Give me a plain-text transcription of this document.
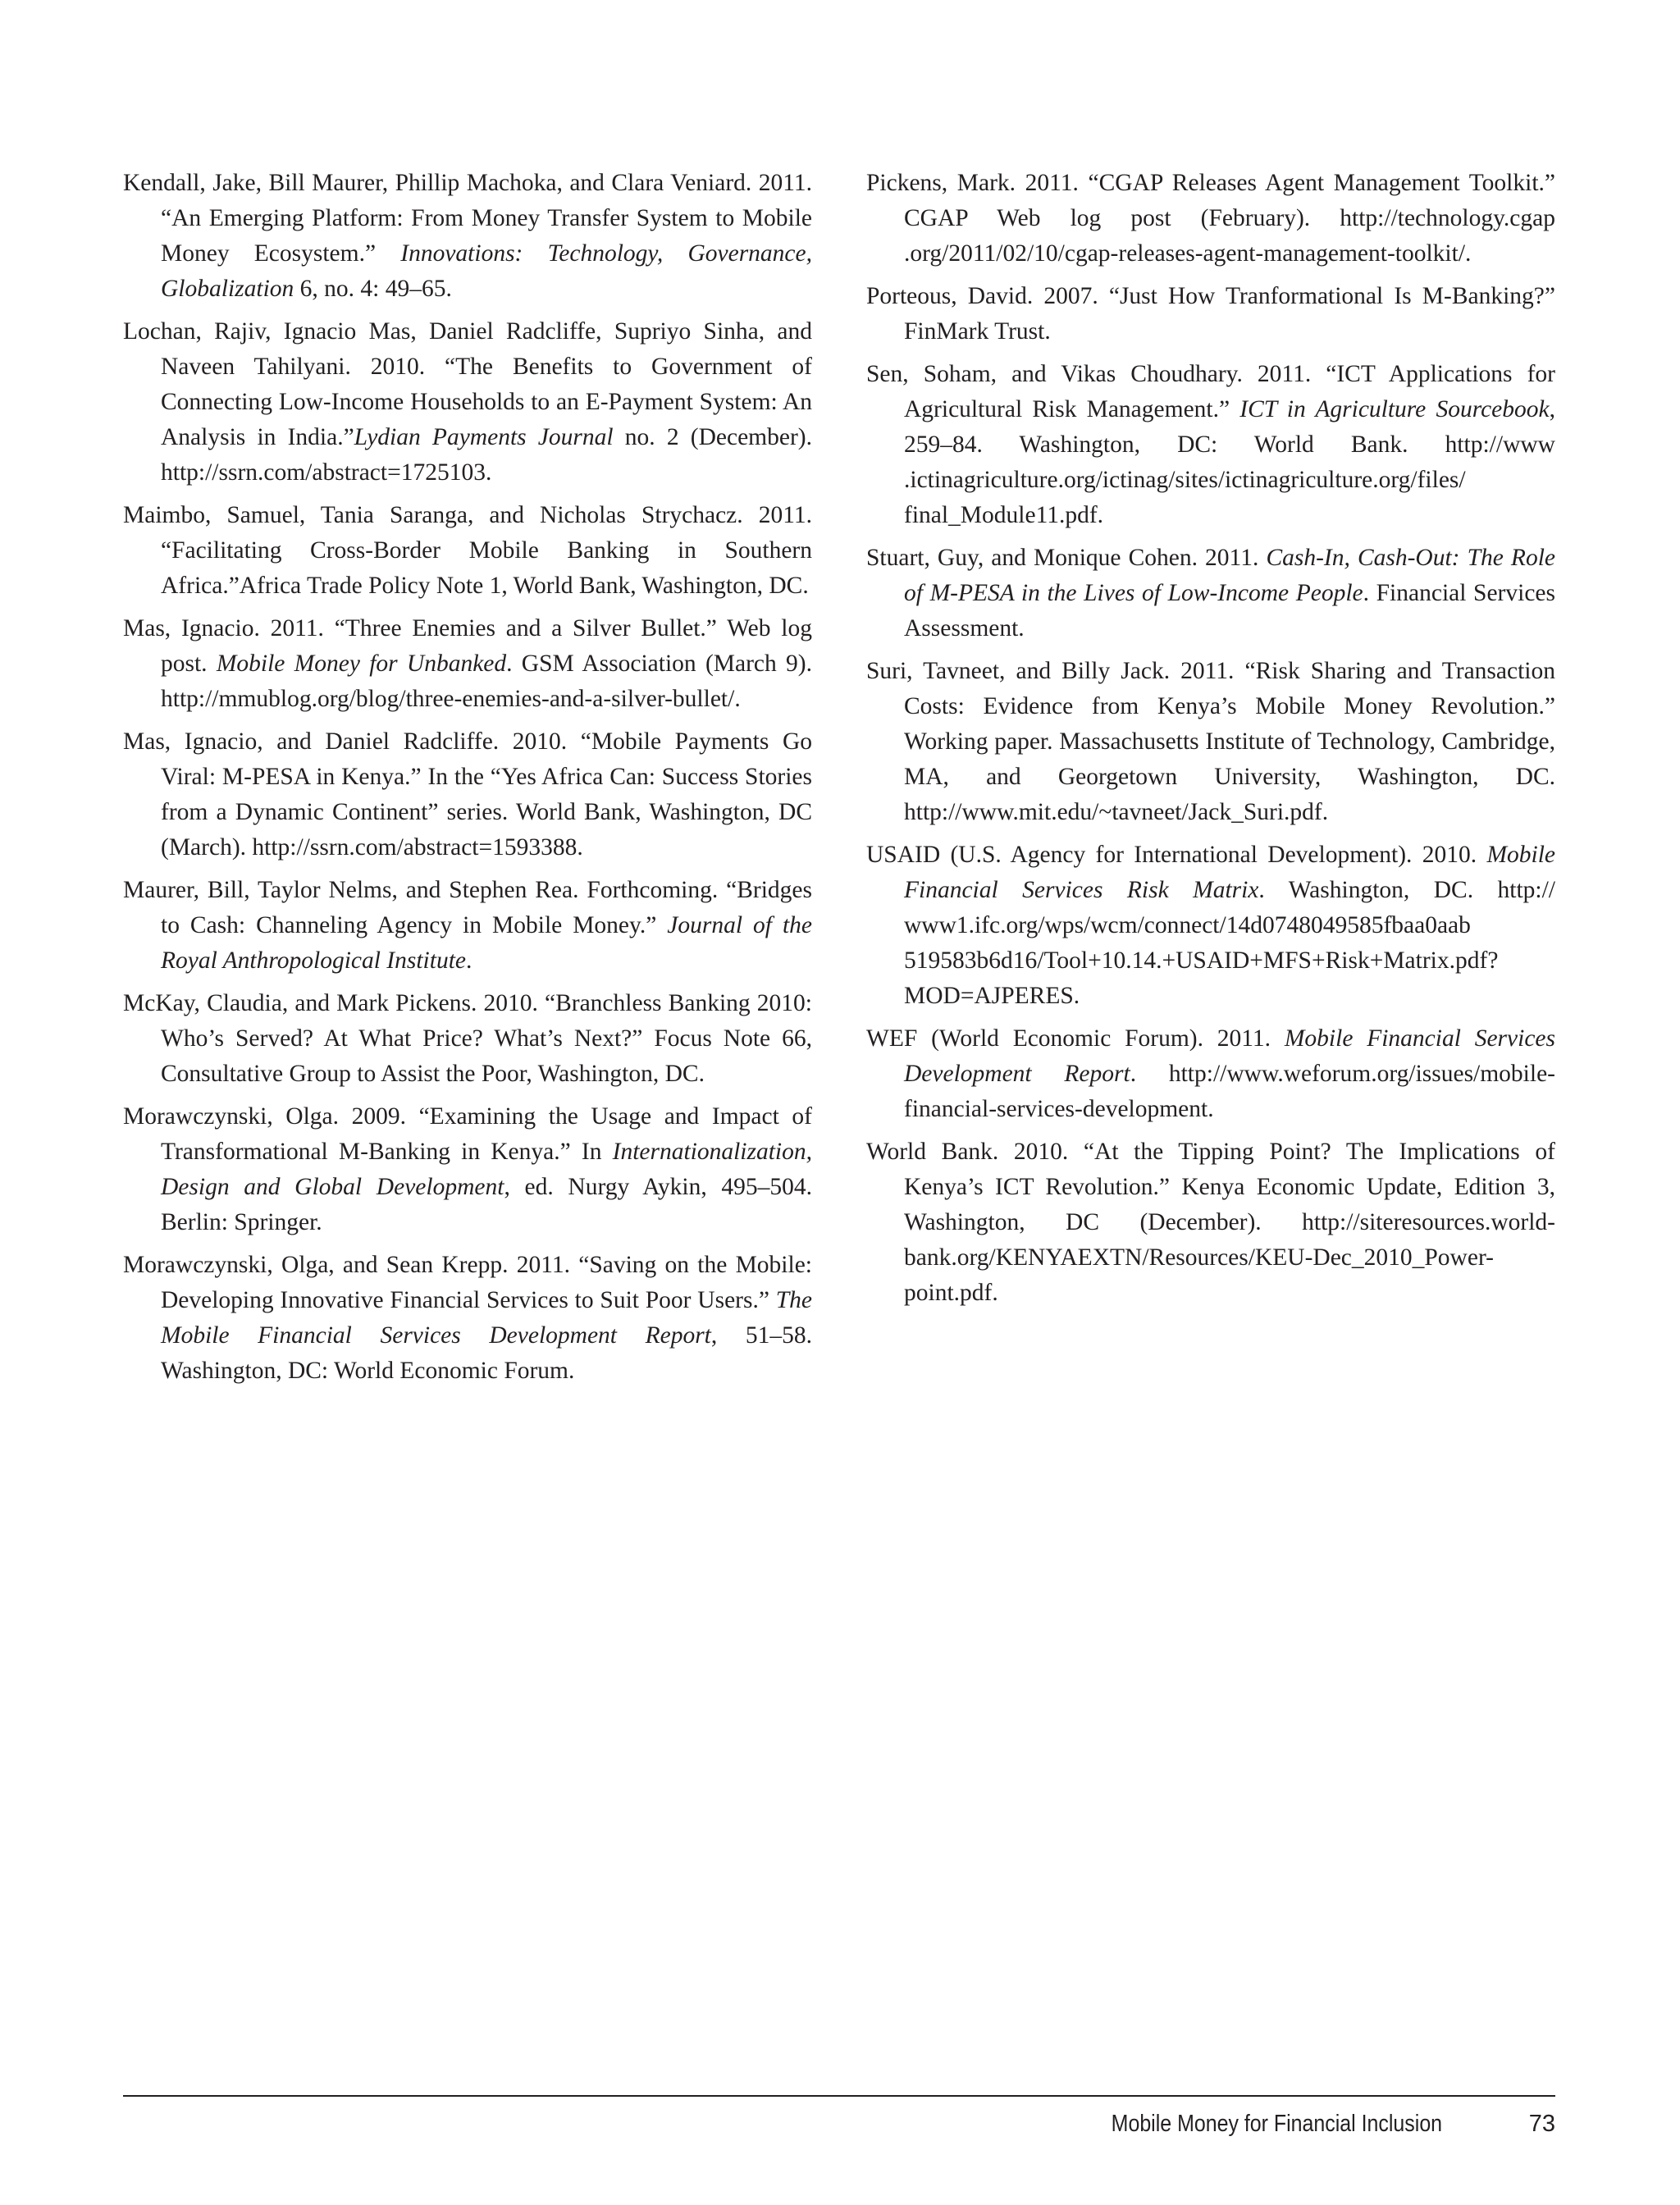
Kendall, Jake, Bill Maurer, Phillip Machoka, and Clara Veniard. 2011. “An Emerging Platform: From Money Transfer System to Mobile Money Ecosystem.” Innovations: Technology, Governance, Globalization 6, no. 4: 49–65.

Lochan, Rajiv, Ignacio Mas, Daniel Radcliffe, Supriyo Sinha, and Naveen Tahilyani. 2010. “The Benefits to Government of Connecting Low-Income Households to an E-Payment System: An Analysis in India.”Lydian Payments Journal no. 2 (December). http://ssrn.com/abstract=1725103.

Maimbo, Samuel, Tania Saranga, and Nicholas Strychacz. 2011. “Facilitating Cross-Border Mobile Banking in Southern Africa.”Africa Trade Policy Note 1, World Bank, Washington, DC.

Mas, Ignacio. 2011. “Three Enemies and a Silver Bullet.” Web log post. Mobile Money for Unbanked. GSM Association (March 9). http://mmublog.org/blog/three-enemies-and-a-silver-bullet/.

Mas, Ignacio, and Daniel Radcliffe. 2010. “Mobile Payments Go Viral: M-PESA in Kenya.” In the “Yes Africa Can: Success Stories from a Dynamic Continent” series. World Bank, Washington, DC (March). http://ssrn.com/abstract=1593388.

Maurer, Bill, Taylor Nelms, and Stephen Rea. Forthcoming. “Bridges to Cash: Channeling Agency in Mobile Money.” Journal of the Royal Anthropological Institute.

McKay, Claudia, and Mark Pickens. 2010. “Branchless Banking 2010: Who’s Served? At What Price? What’s Next?” Focus Note 66, Consultative Group to Assist the Poor, Washington, DC.

Morawczynski, Olga. 2009. “Examining the Usage and Impact of Transformational M-Banking in Kenya.” In Internationalization, Design and Global Development, ed. Nurgy Aykin, 495–504. Berlin: Springer.

Morawczynski, Olga, and Sean Krepp. 2011. “Saving on the Mobile: Developing Innovative Financial Services to Suit Poor Users.” The Mobile Financial Services Development Report, 51–58. Washington, DC: World Economic Forum.

Pickens, Mark. 2011. “CGAP Releases Agent Management Toolkit.” CGAP Web log post (February). http://technology.cgap .org/2011/02/10/cgap-releases-agent-management-toolkit/.

Porteous, David. 2007. “Just How Tranformational Is M-Banking?” FinMark Trust.

Sen, Soham, and Vikas Choudhary. 2011. “ICT Applications for Agricultural Risk Management.” ICT in Agriculture Sourcebook, 259–84. Washington, DC: World Bank. http://www .ictinagriculture.org/ictinag/sites/ictinagriculture.org/files/ final_Module11.pdf.

Stuart, Guy, and Monique Cohen. 2011. Cash-In, Cash-Out: The Role of M-PESA in the Lives of Low-Income People. Financial Services Assessment.

Suri, Tavneet, and Billy Jack. 2011. “Risk Sharing and Transaction Costs: Evidence from Kenya’s Mobile Money Revolution.” Working paper. Massachusetts Institute of Technology, Cambridge, MA, and Georgetown University, Washington, DC. http://www.mit.edu/~tavneet/Jack_Suri.pdf.

USAID (U.S. Agency for International Development). 2010. Mobile Financial Services Risk Matrix. Washington, DC. http:// www1.ifc.org/wps/wcm/connect/14d0748049585fbaa0aab 519583b6d16/Tool+10.14.+USAID+MFS+Risk+Matrix.pdf? MOD=AJPERES.

WEF (World Economic Forum). 2011. Mobile Financial Services Development Report. http://www.weforum.org/issues/mobile-financial-services-development.

World Bank. 2010. “At the Tipping Point? The Implications of Kenya’s ICT Revolution.” Kenya Economic Update, Edition 3, Washington, DC (December). http://siteresources.world-bank.org/KENYAEXTN/Resources/KEU-Dec_2010_Power-point.pdf.

Mobile Money for Financial Inclusion	73
